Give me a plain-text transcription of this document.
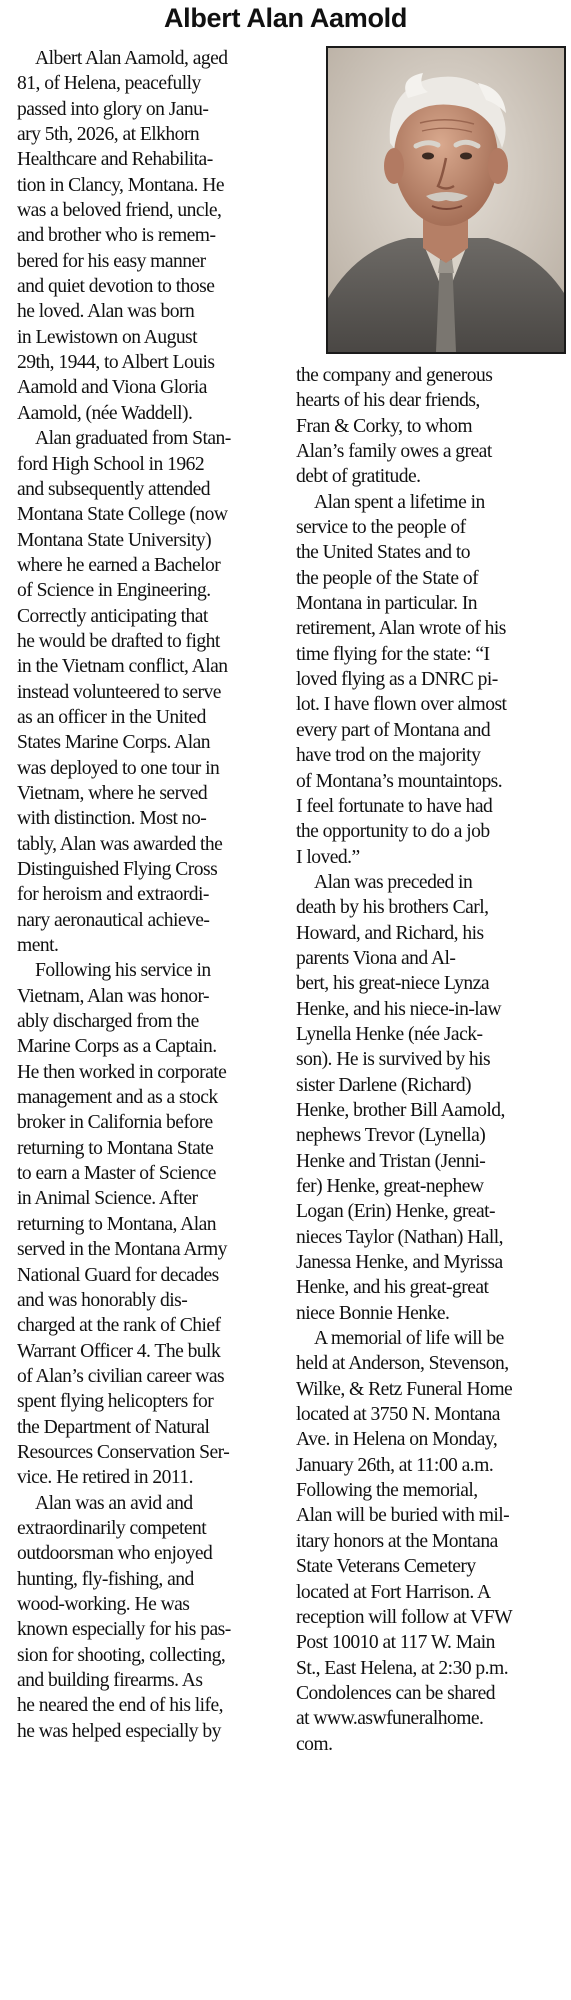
Albert Alan Aamold
Albert Alan Aamold, aged
81, of Helena, peacefully
passed into glory on Janu-
ary 5th, 2026, at Elkhorn
Healthcare and Rehabilita-
tion in Clancy, Montana. He
was a beloved friend, uncle,
and brother who is remem-
bered for his easy manner
and quiet devotion to those
he loved. Alan was born
in Lewistown on August
29th, 1944, to Albert Louis
Aamold and Viona Gloria
Aamold, (née Waddell).
Alan graduated from Stan-
ford High School in 1962
and subsequently attended
Montana State College (now
Montana State University)
where he earned a Bachelor
of Science in Engineering.
Correctly anticipating that
he would be drafted to fight
in the Vietnam conflict, Alan
instead volunteered to serve
as an officer in the United
States Marine Corps. Alan
was deployed to one tour in
Vietnam, where he served
with distinction. Most no-
tably, Alan was awarded the
Distinguished Flying Cross
for heroism and extraordi-
nary aeronautical achieve-
ment.
Following his service in
Vietnam, Alan was honor-
ably discharged from the
Marine Corps as a Captain.
He then worked in corporate
management and as a stock
broker in California before
returning to Montana State
to earn a Master of Science
in Animal Science. After
returning to Montana, Alan
served in the Montana Army
National Guard for decades
and was honorably dis-
charged at the rank of Chief
Warrant Officer 4. The bulk
of Alan’s civilian career was
spent flying helicopters for
the Department of Natural
Resources Conservation Ser-
vice. He retired in 2011.
Alan was an avid and
extraordinarily competent
outdoorsman who enjoyed
hunting, fly-fishing, and
wood-working. He was
known especially for his pas-
sion for shooting, collecting,
and building firearms. As
he neared the end of his life,
he was helped especially by
the company and generous
hearts of his dear friends,
Fran & Corky, to whom
Alan’s family owes a great
debt of gratitude.
Alan spent a lifetime in
service to the people of
the United States and to
the people of the State of
Montana in particular. In
retirement, Alan wrote of his
time flying for the state: “I
loved flying as a DNRC pi-
lot. I have flown over almost
every part of Montana and
have trod on the majority
of Montana’s mountaintops.
I feel fortunate to have had
the opportunity to do a job
I loved.”
Alan was preceded in
death by his brothers Carl,
Howard, and Richard, his
parents Viona and Al-
bert, his great-niece Lynza
Henke, and his niece-in-law
Lynella Henke (née Jack-
son). He is survived by his
sister Darlene (Richard)
Henke, brother Bill Aamold,
nephews Trevor (Lynella)
Henke and Tristan (Jenni-
fer) Henke, great-nephew
Logan (Erin) Henke, great-
nieces Taylor (Nathan) Hall,
Janessa Henke, and Myrissa
Henke, and his great-great
niece Bonnie Henke.
A memorial of life will be
held at Anderson, Stevenson,
Wilke, & Retz Funeral Home
located at 3750 N. Montana
Ave. in Helena on Monday,
January 26th, at 11:00 a.m.
Following the memorial,
Alan will be buried with mil-
itary honors at the Montana
State Veterans Cemetery
located at Fort Harrison. A
reception will follow at VFW
Post 10010 at 117 W. Main
St., East Helena, at 2:30 p.m.
Condolences can be shared
at www.aswfuneralhome.
com.
